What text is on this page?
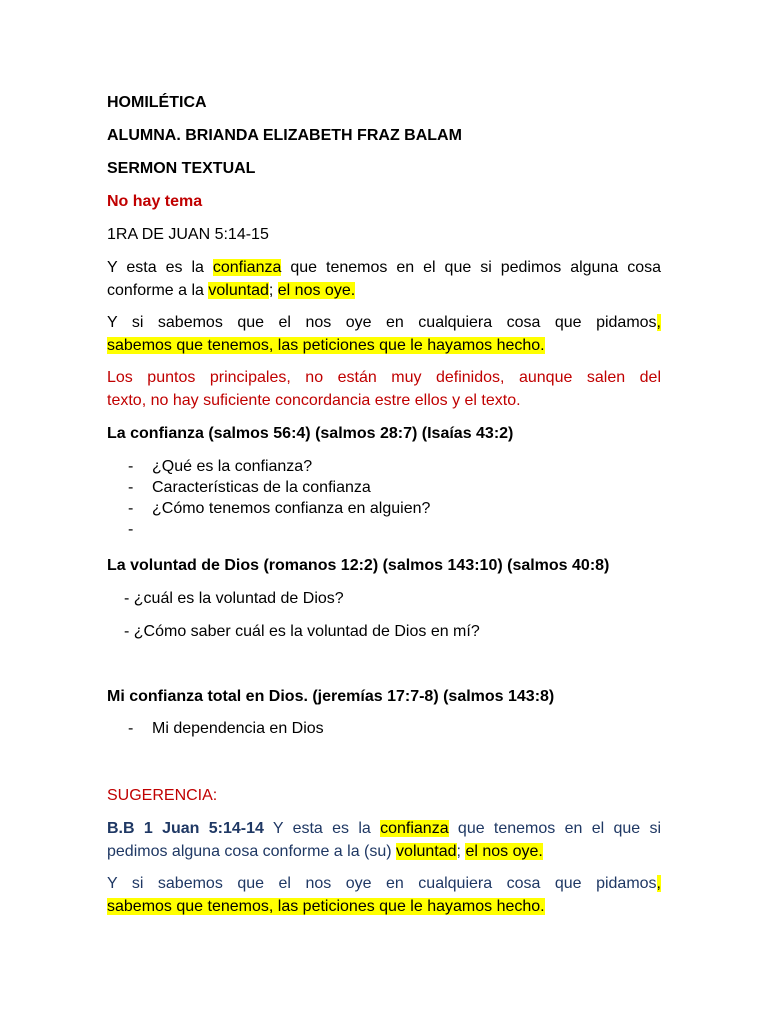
HOMILÉTICA
ALUMNA. BRIANDA ELIZABETH FRAZ BALAM
SERMON TEXTUAL
No hay tema
1RA DE JUAN 5:14-15
Y esta es la confianza que tenemos en el que si pedimos alguna cosa
conforme a la voluntad; el nos oye.
Y si sabemos que el nos oye en cualquiera cosa que pidamos,
sabemos que tenemos, las peticiones que le hayamos hecho.
Los puntos principales, no están muy definidos, aunque salen del
texto, no hay suficiente concordancia estre ellos y el texto.
La confianza (salmos 56:4) (salmos 28:7) (Isaías 43:2)
- ¿Qué es la confianza?
- Características de la confianza
- ¿Cómo tenemos confianza en alguien?
-
La voluntad de Dios (romanos 12:2) (salmos 143:10) (salmos 40:8)
- ¿cuál es la voluntad de Dios?
- ¿Cómo saber cuál es la voluntad de Dios en mí?
Mi confianza total en Dios. (jeremías 17:7-8) (salmos 143:8)
- Mi dependencia en Dios
SUGERENCIA:
B.B 1 Juan 5:14-14 Y esta es la confianza que tenemos en el que si
pedimos alguna cosa conforme a la (su) voluntad; el nos oye.
Y si sabemos que el nos oye en cualquiera cosa que pidamos,
sabemos que tenemos, las peticiones que le hayamos hecho.
